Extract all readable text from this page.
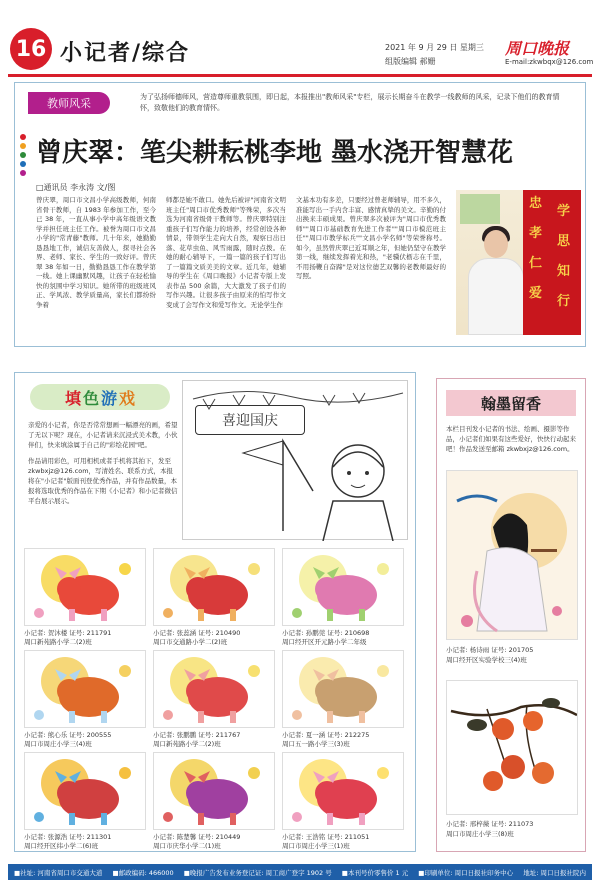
16 小记者/综合	2021 年 9 月 29 日 星期三
组版编辑 郝姗
周口晚报
E-mail:zkwbqx@126.com
教师风采	为了弘扬师德师风，营造尊师重教氛围，即日起，本报推出"教师风采"专栏，展示长期奋斗在教学一线教师的风采，记录下他们的教育情怀，致敬他们的教育情怀。
曾庆翠：笔尖耕耘桃李地 墨水浇开智慧花
□通讯员 李永涛 文/图
曾庆翠，周口市文昌小学高级教师，何南省骨干教师，自 1983 年参加工作，至今已 38 年，一直从事小学中高年级语文教学并担任班主任工作。被誉为周口市文昌小学的"常青藤"教师。几十年来，她勤勤恳恳地工作，诚信友善做人，探寻社会各界、老师、家长、学生的一致好评。曾庆翠 38 年如一日，勤勤恳恳工作在教学第一线。她上课幽默风趣，让孩子在轻松愉快的氛围中学习知识。她所带的班级班风正、学风浓、教学质量高，家长们都纷纷争着
师都是她不敢口。她先后被评"河南省文明班主任"周口市优秀教师"等殊荣，多次当选为河南省级骨干教师等。曾庆翠特别注重孩子们写作能力的培养，经常创设各种情景，带领学生走向大自然，观察日出日落、花草虫鱼、风雪雨露，随时点拨。在她的耐心辅导下，一篇一篇的孩子们写出了一篇篇文质美美的文章。近几年，她辅导的学生在《周口晚报》小记者专版上发表作品 500 余篇，大大激发了孩子们的写作兴趣。让很多孩子由原来的怕写作文变成了会写作文和爱写作文。无论学生作
文基本功有多差，只要经过曾老师辅导，用不多久，准能写出一手内含丰富、感情真挚的美文。辛勤的付出换来丰硕成果。曾庆翠多次被评为"周口市优秀教师""周口市基础教育先进工作者""周口市模范班主任""周口市教学标兵""文昌小学名师"等荣誉称号。如今，虽然曾庆翠已近耳顺之年，但她仍坚守在教学第一线，继续发挥着光和热，"老骥伏枥志在千里，不用扬鞭自奋蹄"是对这位德艺双馨的老教师最好的写照。
忠
孝
仁
爱
学
思
知
行
填 色 游 戏

亲爱的小记者，你是否常常想画一幅漂亮的画，希望了无以下呢？现在，小记者请来沉浸式美术教，小伙伴们，快来填涂属于自己的"彩绘花园"吧。

作品请用彩色，可用相机或者手机将其拍下，发至 zkwbxjz@126.com，写清姓名、联系方式，本报将在"小记者"版面刊登优秀作品，并有作品数量，本报将选取优秀的作品在下期《小记者》和小记者微信平台展示展示。

喜迎国庆
小记者: 贺沐楼 证号: 211791
周口新苑路小学二(2)班
小记者: 张蕊涵 证号: 210490
周口市交通路小学二(2)班
小记者: 孙鹏莞 证号: 210698
周口经开区开元路小学二年级
小记者: 熊心乐 证号: 200555
周口市周庄小学三(4)班
小记者: 张鹏鹏 证号: 211767
周口新苑路小学二(2)班
小记者: 夏一涵 证号: 212275
周口五一路小学三(3)班
小记者: 张源浩 证号: 211301
周口经开区纬小学二(6)班
小记者: 陈楚馨 证号: 210449
周口市庆华小学二(1)班
小记者: 王浩铭 证号: 211051
周口市周庄小学三(1)班
翰墨留香
本栏目刊发小记者的书法、绘画、摄影等作品，小记者们如果有这些爱好，快快行动起来吧！作品发送至邮箱 zkwbxjz@126.com。
小记者: 杨诗雨 证号: 201705
周口经开区实验学校三(4)班
小记者: 邢梓薇 证号: 211073
周口市周庄小学三(8)班
■社址: 河南省周口市交通大道 ■邮政编码: 466000 ■晚报广告发布业务登记证: 周工商广登字 1902 号 ■本刊号价零售价 1 元 ■印刷单位: 周口日报社印务中心 地址: 周口日报社院内
